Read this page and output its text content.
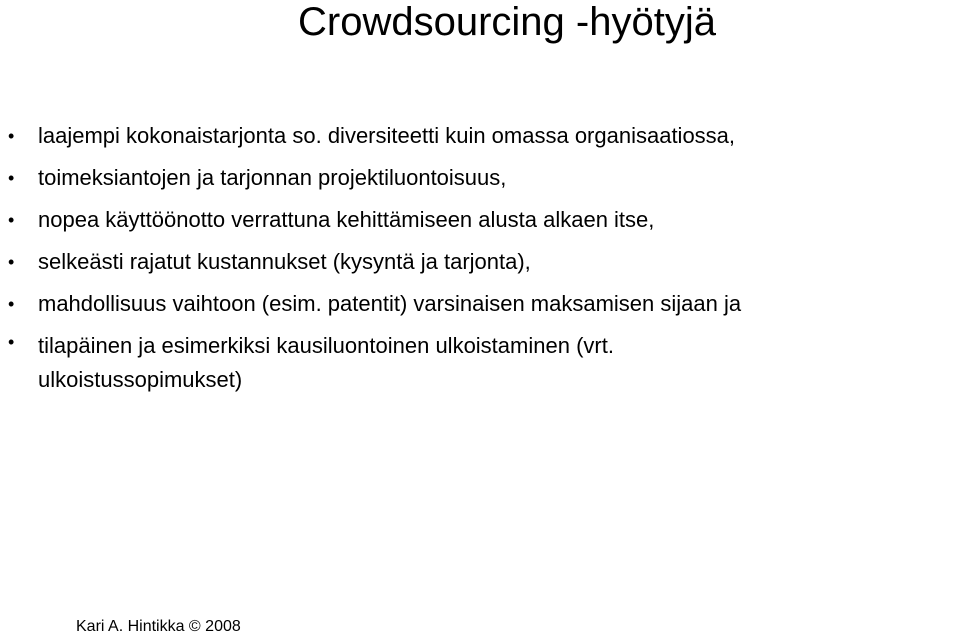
Crowdsourcing -hyötyjä
• laajempi kokonaistarjonta so. diversiteetti kuin omassa organisaatiossa,
• toimeksiantojen ja tarjonnan projektiluontoisuus,
• nopea käyttöönotto verrattuna kehittämiseen alusta alkaen itse,
• selkeästi rajatut kustannukset (kysyntä ja tarjonta),
• mahdollisuus vaihtoon (esim. patentit) varsinaisen maksamisen sijaan ja
• tilapäinen ja esimerkiksi kausiluontoinen ulkoistaminen (vrt. ulkoistussopimukset)
Kari A. Hintikka © 2008
